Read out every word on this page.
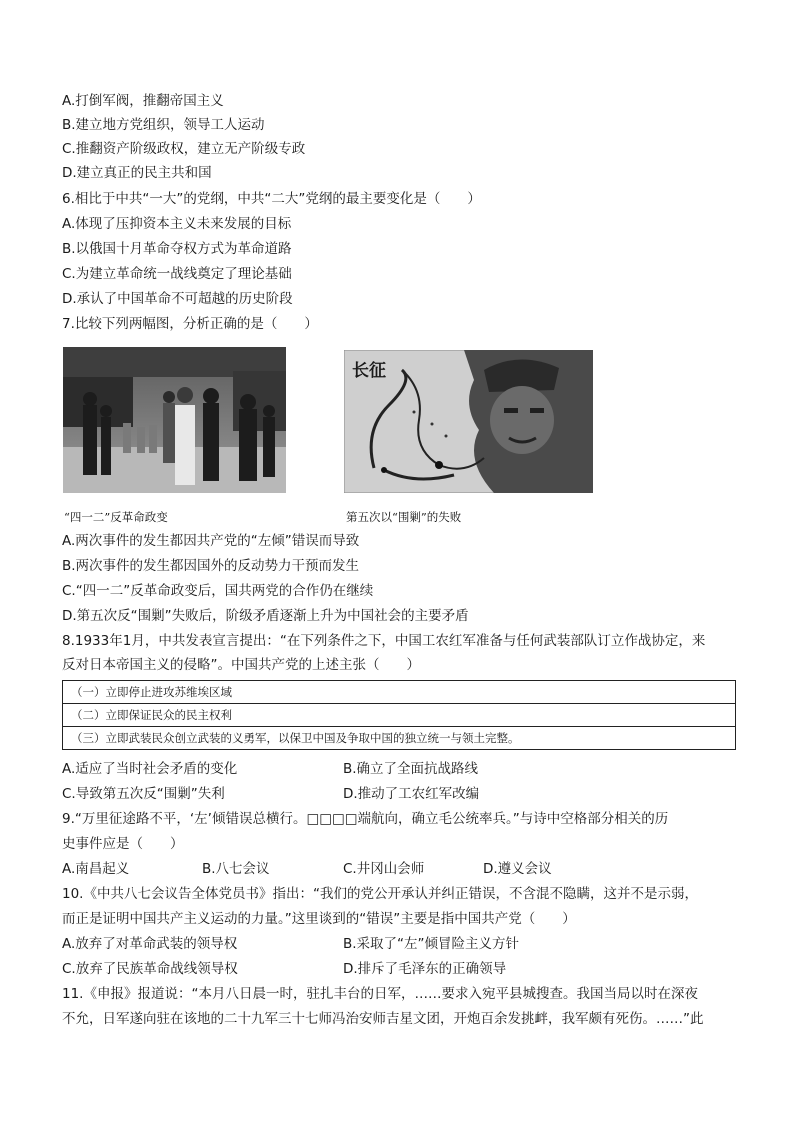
A.打倒军阀，推翻帝国主义
B.建立地方党组织，领导工人运动
C.推翻资产阶级政权，建立无产阶级专政
D.建立真正的民主共和国
6.相比于中共“一大”的党纲，中共“二大”党纲的最主要变化是（　　）
A.体现了压抑资本主义未来发展的目标
B.以俄国十月革命夺权方式为革命道路
C.为建立革命统一战线奠定了理论基础
D.承认了中国革命不可超越的历史阶段
7.比较下列两幅图，分析正确的是（　　）
长征
“四一二”反革命政变	第五次以“围剿”的失败
A.两次事件的发生都因共产党的“左倾”错误而导致
B.两次事件的发生都因国外的反动势力干预而发生
C.“四一二”反革命政变后，国共两党的合作仍在继续
D.第五次反“围剿”失败后，阶级矛盾逐渐上升为中国社会的主要矛盾
8.1933年1月，中共发表宣言提出：“在下列条件之下，中国工农红军准备与任何武装部队订立作战协定，来
反对日本帝国主义的侵略”。中国共产党的上述主张（　　）
（一）立即停止进攻苏维埃区域
（二）立即保证民众的民主权利
（三）立即武装民众创立武装的义勇军，以保卫中国及争取中国的独立统一与领土完整。
A.适应了当时社会矛盾的变化	B.确立了全面抗战路线
C.导致第五次反“围剿”失利	D.推动了工农红军改编
9.“万里征途路不平，‘左’倾错误总横行。□□□□端航向，确立毛公统率兵。”与诗中空格部分相关的历
史事件应是（　　）
A.南昌起义	B.八七会议	C.井冈山会师	D.遵义会议
10.《中共八七会议告全体党员书》指出：“我们的党公开承认并纠正错误，不含混不隐瞒，这并不是示弱，
而正是证明中国共产主义运动的力量。”这里谈到的“错误”主要是指中国共产党（　　）
A.放弃了对革命武装的领导权	B.采取了“左”倾冒险主义方针
C.放弃了民族革命战线领导权	D.排斥了毛泽东的正确领导
11.《申报》报道说：“本月八日晨一时，驻扎丰台的日军，……要求入宛平县城搜查。我国当局以时在深夜
不允，日军遂向驻在该地的二十九军三十七师冯治安师吉星文团，开炮百余发挑衅，我军颇有死伤。……”此
